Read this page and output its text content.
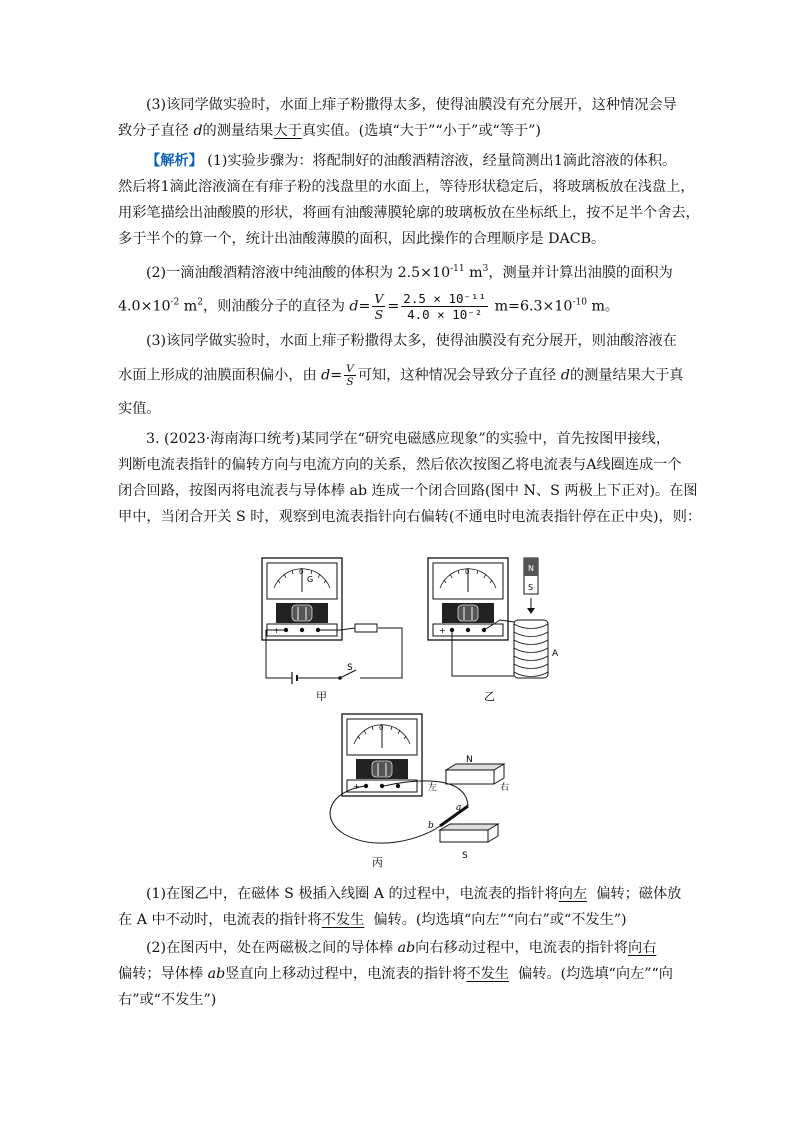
(3)该同学做实验时，水面上痱子粉撒得太多，使得油膜没有充分展开，这种情况会导
致分子直径 d的测量结果大于真实值。(选填“大于”“小于”或“等于”)
【解析】 (1)实验步骤为：将配制好的油酸酒精溶液，经量筒测出1滴此溶液的体积。
然后将1滴此溶液滴在有痱子粉的浅盘里的水面上，等待形状稳定后，将玻璃板放在浅盘上，
用彩笔描绘出油酸膜的形状，将画有油酸薄膜轮廓的玻璃板放在坐标纸上，按不足半个舍去，
多于半个的算一个，统计出油酸薄膜的面积，因此操作的合理顺序是 DACB。
(2)一滴油酸酒精溶液中纯油酸的体积为 $2.5\times 10^{-11}$ $m^3$，测量并计算出油膜的面积为
$4.0\times 10^{-2}$ $m^2$，则油酸分子的直径为 $d= \frac{V}{S} = \frac{\text{2.5 × 10⁻¹¹}}{\text{4.0 × 10⁻²}} m=6.3\times 10^{-10}$ m。
(3)该同学做实验时，水面上痱子粉撒得太多，使得油膜没有充分展开，则油酸溶液在
水面上形成的油膜面积偏小，由 $d= \frac{V}{S}$ 可知，这种情况会导致分子直径 d的测量结果大于真
实值。
3. (2023·海南海口统考)某同学在“研究电磁感应现象”的实验中，首先按图甲接线，
判断电流表指针的偏转方向与电流方向的关系，然后依次按图乙将电流表与A线圈连成一个
闭合回路，按图丙将电流表与导体棒 ab 连成一个闭合回路(图中 N、S 两极上下正对)。在图
甲中，当闭合开关 S 时，观察到电流表指针向右偏转(不通电时电流表指针停在正中央)，则：
+
0
G
S
甲
0	N
S
A
乙
0
N
左	右
S
a
b
丙
(1)在图乙中，在磁体 S 极插入线圈 A 的过程中，电流表的指针将向左 偏转；磁体放
在 A 中不动时，电流表的指针将不发生 偏转。(均选填“向左”“向右”或“不发生”)
(2)在图丙中，处在两磁极之间的导体棒 ab向右移动过程中，电流表的指针将向右
偏转；导体棒 ab竖直向上移动过程中，电流表的指针将不发生 偏转。(均选填“向左”“向
右”或“不发生”)
